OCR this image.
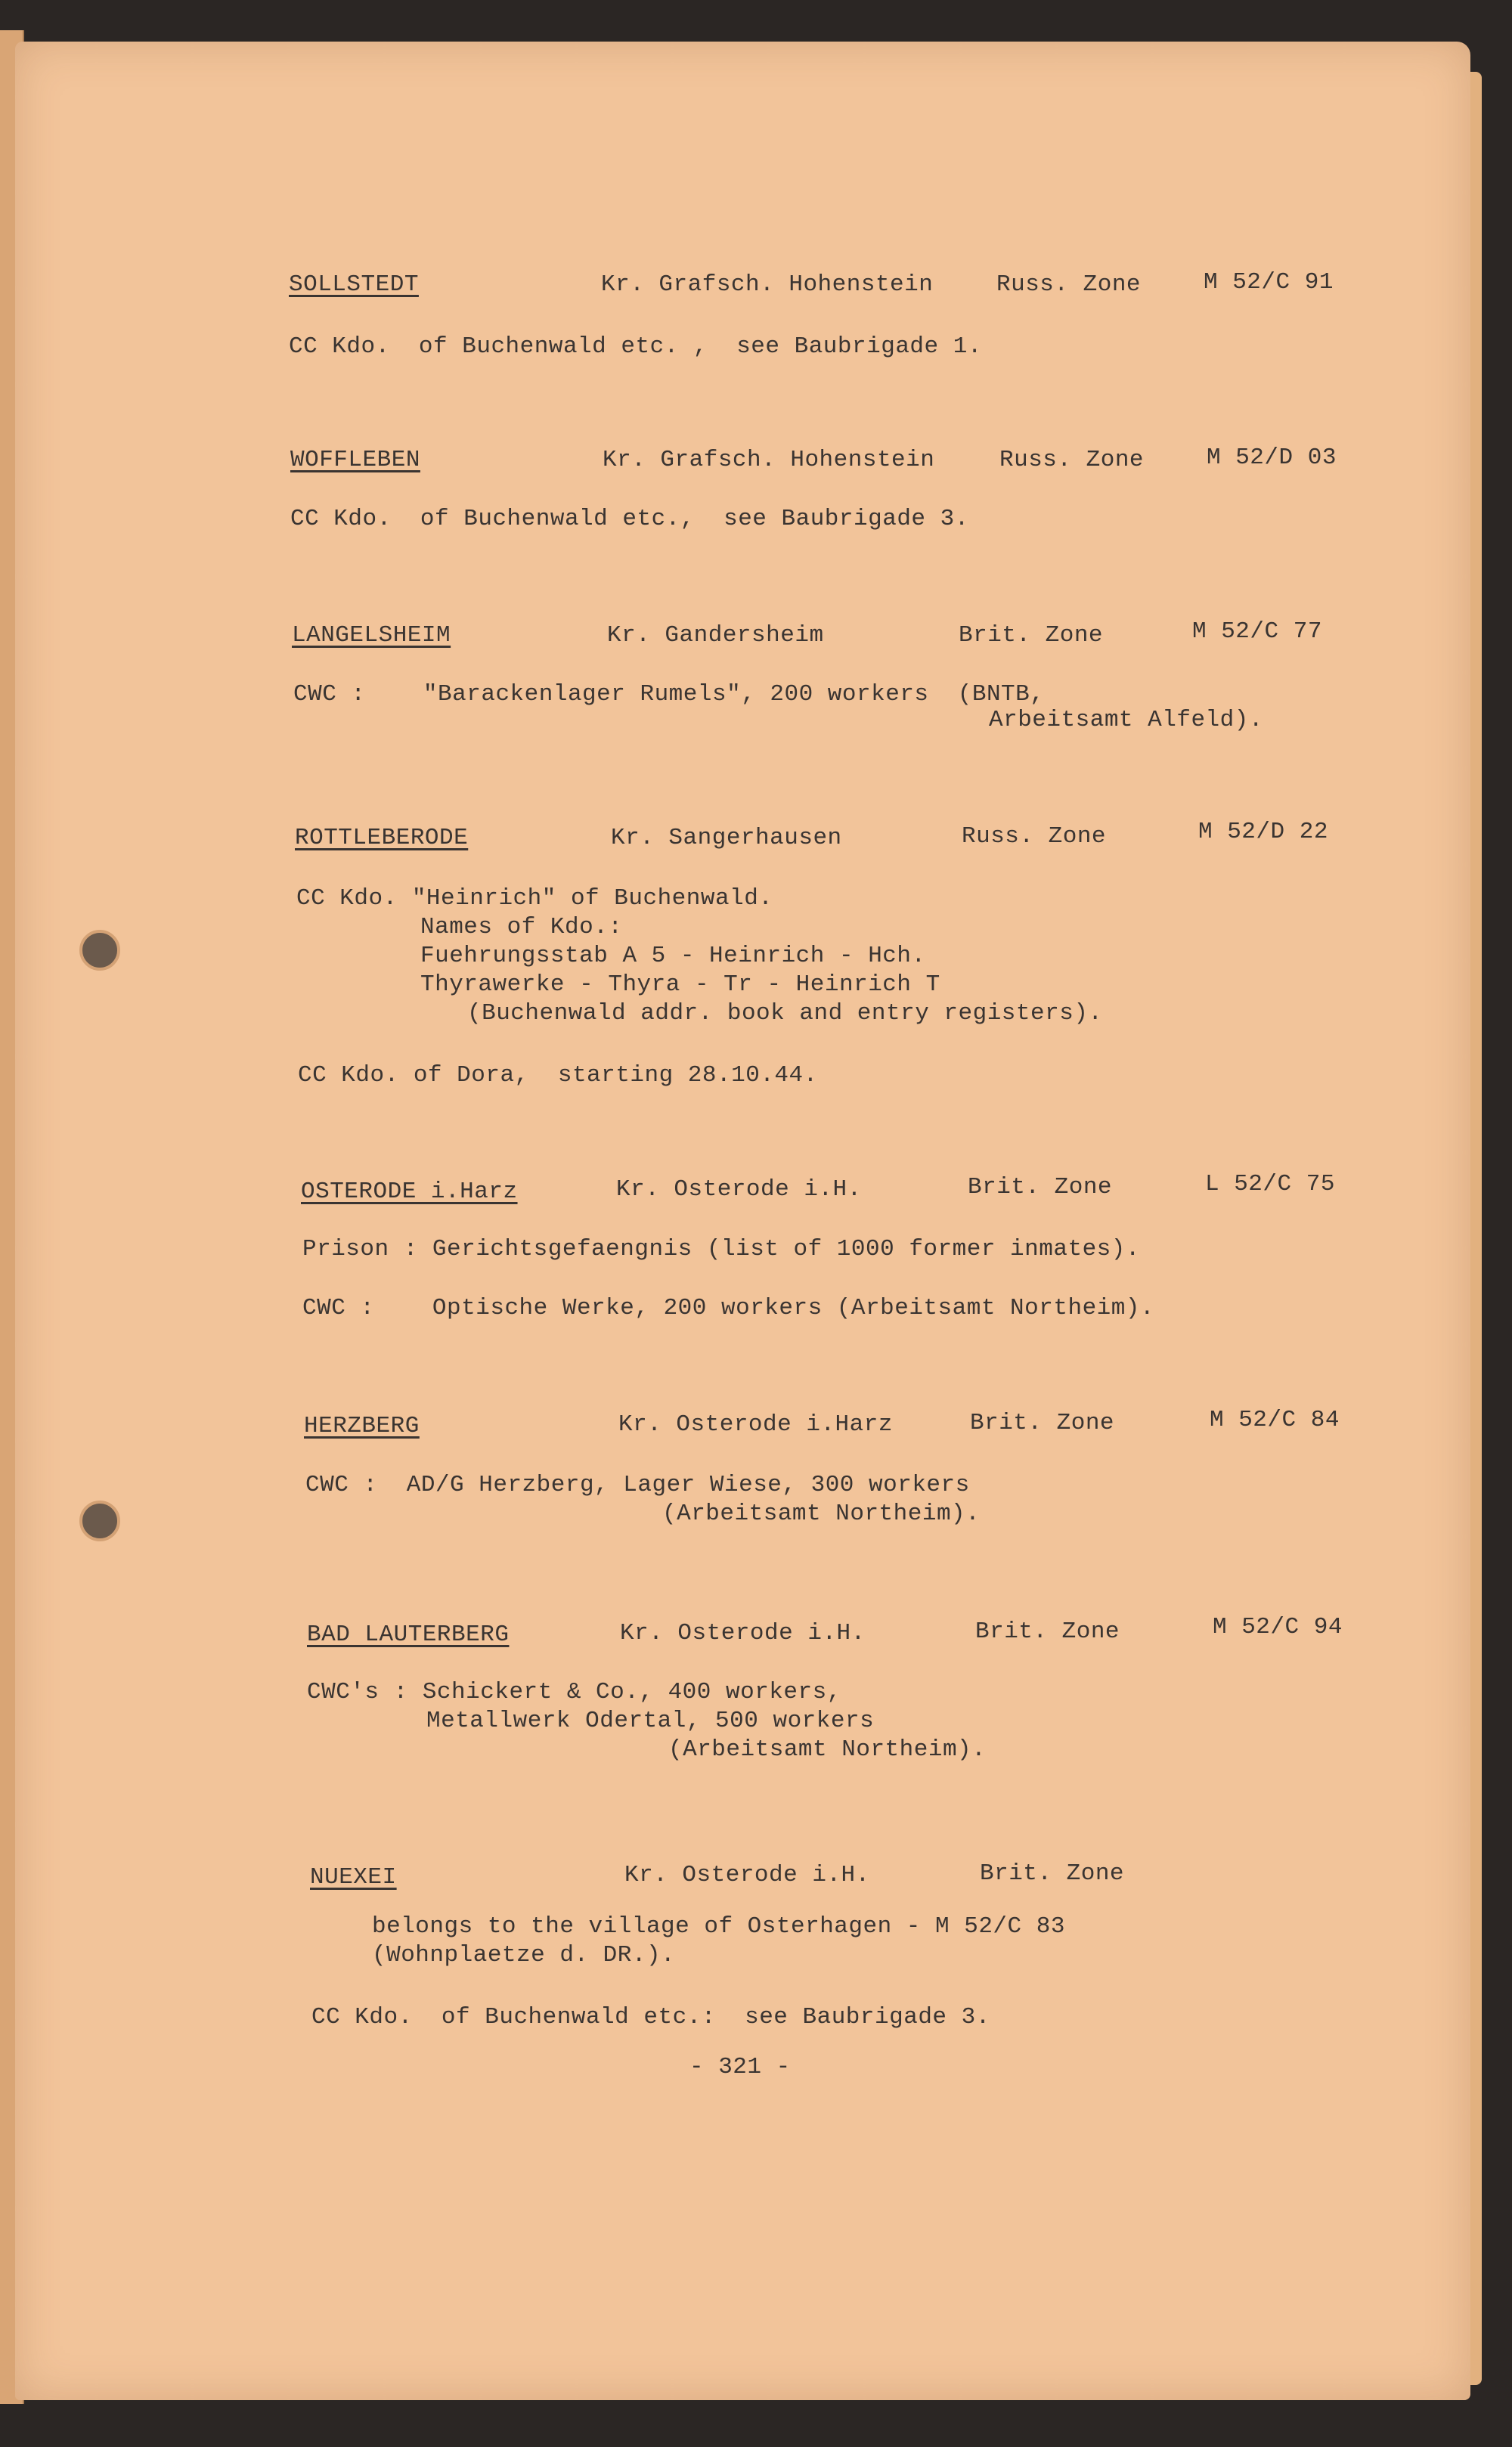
SOLLSTEDT	Kr. Grafsch. Hohenstein	Russ. Zone	M 52/C 91
CC Kdo.  of Buchenwald etc. ,  see Baubrigade 1.
WOFFLEBEN	Kr. Grafsch. Hohenstein	Russ. Zone	M 52/D 03
CC Kdo.  of Buchenwald etc.,  see Baubrigade 3.
LANGELSHEIM	Kr. Gandersheim	Brit. Zone	M 52/C 77
CWC :    "Barackenlager Rumels", 200 workers  (BNTB,
Arbeitsamt Alfeld).
ROTTLEBERODE	Kr. Sangerhausen	Russ. Zone	M 52/D 22
CC Kdo. "Heinrich" of Buchenwald.
Names of Kdo.:
Fuehrungsstab A 5 - Heinrich - Hch.
Thyrawerke - Thyra - Tr - Heinrich T
(Buchenwald addr. book and entry registers).
CC Kdo. of Dora,  starting 28.10.44.
OSTERODE i.Harz	Kr. Osterode i.H.	Brit. Zone	L 52/C 75
Prison : Gerichtsgefaengnis (list of 1000 former inmates).
CWC :    Optische Werke, 200 workers (Arbeitsamt Northeim).
HERZBERG	Kr. Osterode i.Harz	Brit. Zone	M 52/C 84
CWC :  AD/G Herzberg, Lager Wiese, 300 workers
(Arbeitsamt Northeim).
BAD LAUTERBERG	Kr. Osterode i.H.	Brit. Zone	M 52/C 94
CWC's : Schickert & Co., 400 workers,
Metallwerk Odertal, 500 workers
(Arbeitsamt Northeim).
NUEXEI	Kr. Osterode i.H.	Brit. Zone
belongs to the village of Osterhagen - M 52/C 83
(Wohnplaetze d. DR.).
CC Kdo.  of Buchenwald etc.:  see Baubrigade 3.
- 321 -
